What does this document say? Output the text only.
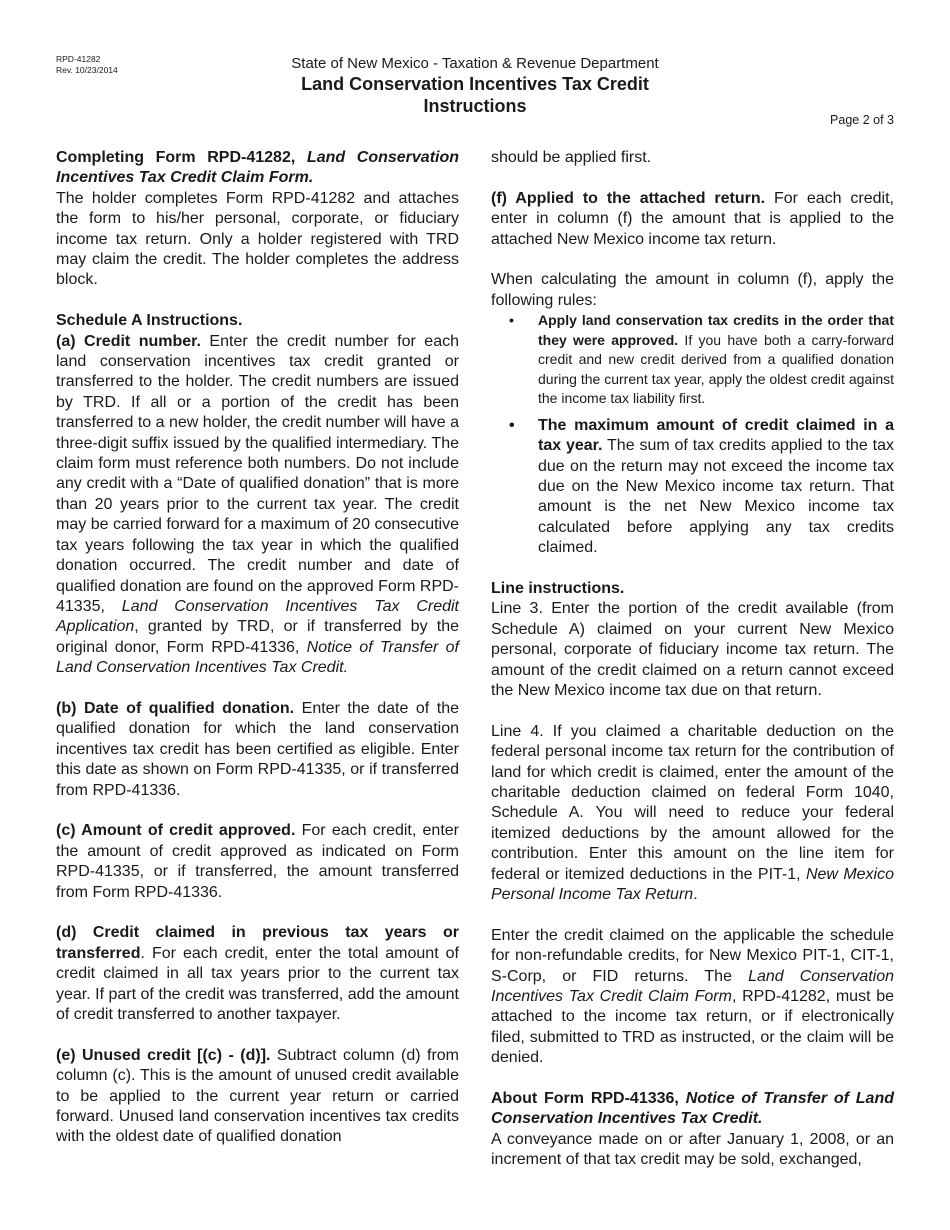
RPD-41282
Rev. 10/23/2014	State of New Mexico - Taxation & Revenue Department
Land Conservation Incentives Tax Credit
Instructions
Page 2 of 3

Completing Form RPD-41282, Land Conservation Incentives Tax Credit Claim Form.

The holder completes Form RPD-41282 and attaches the form to his/her personal, corporate, or fiduciary income tax return. Only a holder registered with TRD may claim the credit. The holder completes the address block.

Schedule A Instructions.

(a) Credit number. Enter the credit number for each land conservation incentives tax credit granted or transferred to the holder. The credit numbers are issued by TRD. If all or a portion of the credit has been transferred to a new holder, the credit number will have a three-digit suffix issued by the qualified intermediary. The claim form must reference both numbers. Do not include any credit with a “Date of qualified donation” that is more than 20 years prior to the current tax year. The credit may be carried forward for a maximum of 20 consecutive tax years following the tax year in which the qualified donation occurred. The credit number and date of qualified donation are found on the approved Form RPD-41335, Land Conservation Incentives Tax Credit Application, granted by TRD, or if transferred by the original donor, Form RPD-41336, Notice of Transfer of Land Conservation Incentives Tax Credit.

(b) Date of qualified donation. Enter the date of the qualified donation for which the land conservation incentives tax credit has been certified as eligible. Enter this date as shown on Form RPD-41335, or if transferred from RPD-41336.

(c) Amount of credit approved. For each credit, enter the amount of credit approved as indicated on Form RPD-41335, or if transferred, the amount transferred from Form RPD-41336.

(d) Credit claimed in previous tax years or transferred. For each credit, enter the total amount of credit claimed in all tax years prior to the current tax year. If part of the credit was transferred, add the amount of credit transferred to another taxpayer.

(e) Unused credit [(c) - (d)]. Subtract column (d) from column (c). This is the amount of unused credit available to be applied to the current year return or carried forward. Unused land conservation incentives tax credits with the oldest date of qualified donation

should be applied first.

(f) Applied to the attached return. For each credit, enter in column (f) the amount that is applied to the attached New Mexico income tax return.

When calculating the amount in column (f), apply the following rules:

• Apply land conservation tax credits in the order that they were approved. If you have both a carry-forward credit and new credit derived from a qualified donation during the current tax year, apply the oldest credit against the income tax liability first.
• The maximum amount of credit claimed in a tax year. The sum of tax credits applied to the tax due on the return may not exceed the income tax due on the New Mexico income tax return. That amount is the net New Mexico income tax calculated before applying any tax credits claimed.

Line instructions.

Line 3. Enter the portion of the credit available (from Schedule A) claimed on your current New Mexico personal, corporate of fiduciary income tax return. The amount of the credit claimed on a return cannot exceed the New Mexico income tax due on that return.

Line 4. If you claimed a charitable deduction on the federal personal income tax return for the contribution of land for which credit is claimed, enter the amount of the charitable deduction claimed on federal Form 1040, Schedule A. You will need to reduce your federal itemized deductions by the amount allowed for the contribution. Enter this amount on the line item for federal or itemized deductions in the PIT-1, New Mexico Personal Income Tax Return.

Enter the credit claimed on the applicable the schedule for non-refundable credits, for New Mexico PIT-1, CIT-1, S-Corp, or FID returns. The Land Conservation Incentives Tax Credit Claim Form, RPD-41282, must be attached to the income tax return, or if electronically filed, submitted to TRD as instructed, or the claim will be denied.

About Form RPD-41336, Notice of Transfer of Land Conservation Incentives Tax Credit.

A conveyance made on or after January 1, 2008, or an increment of that tax credit may be sold, exchanged,
